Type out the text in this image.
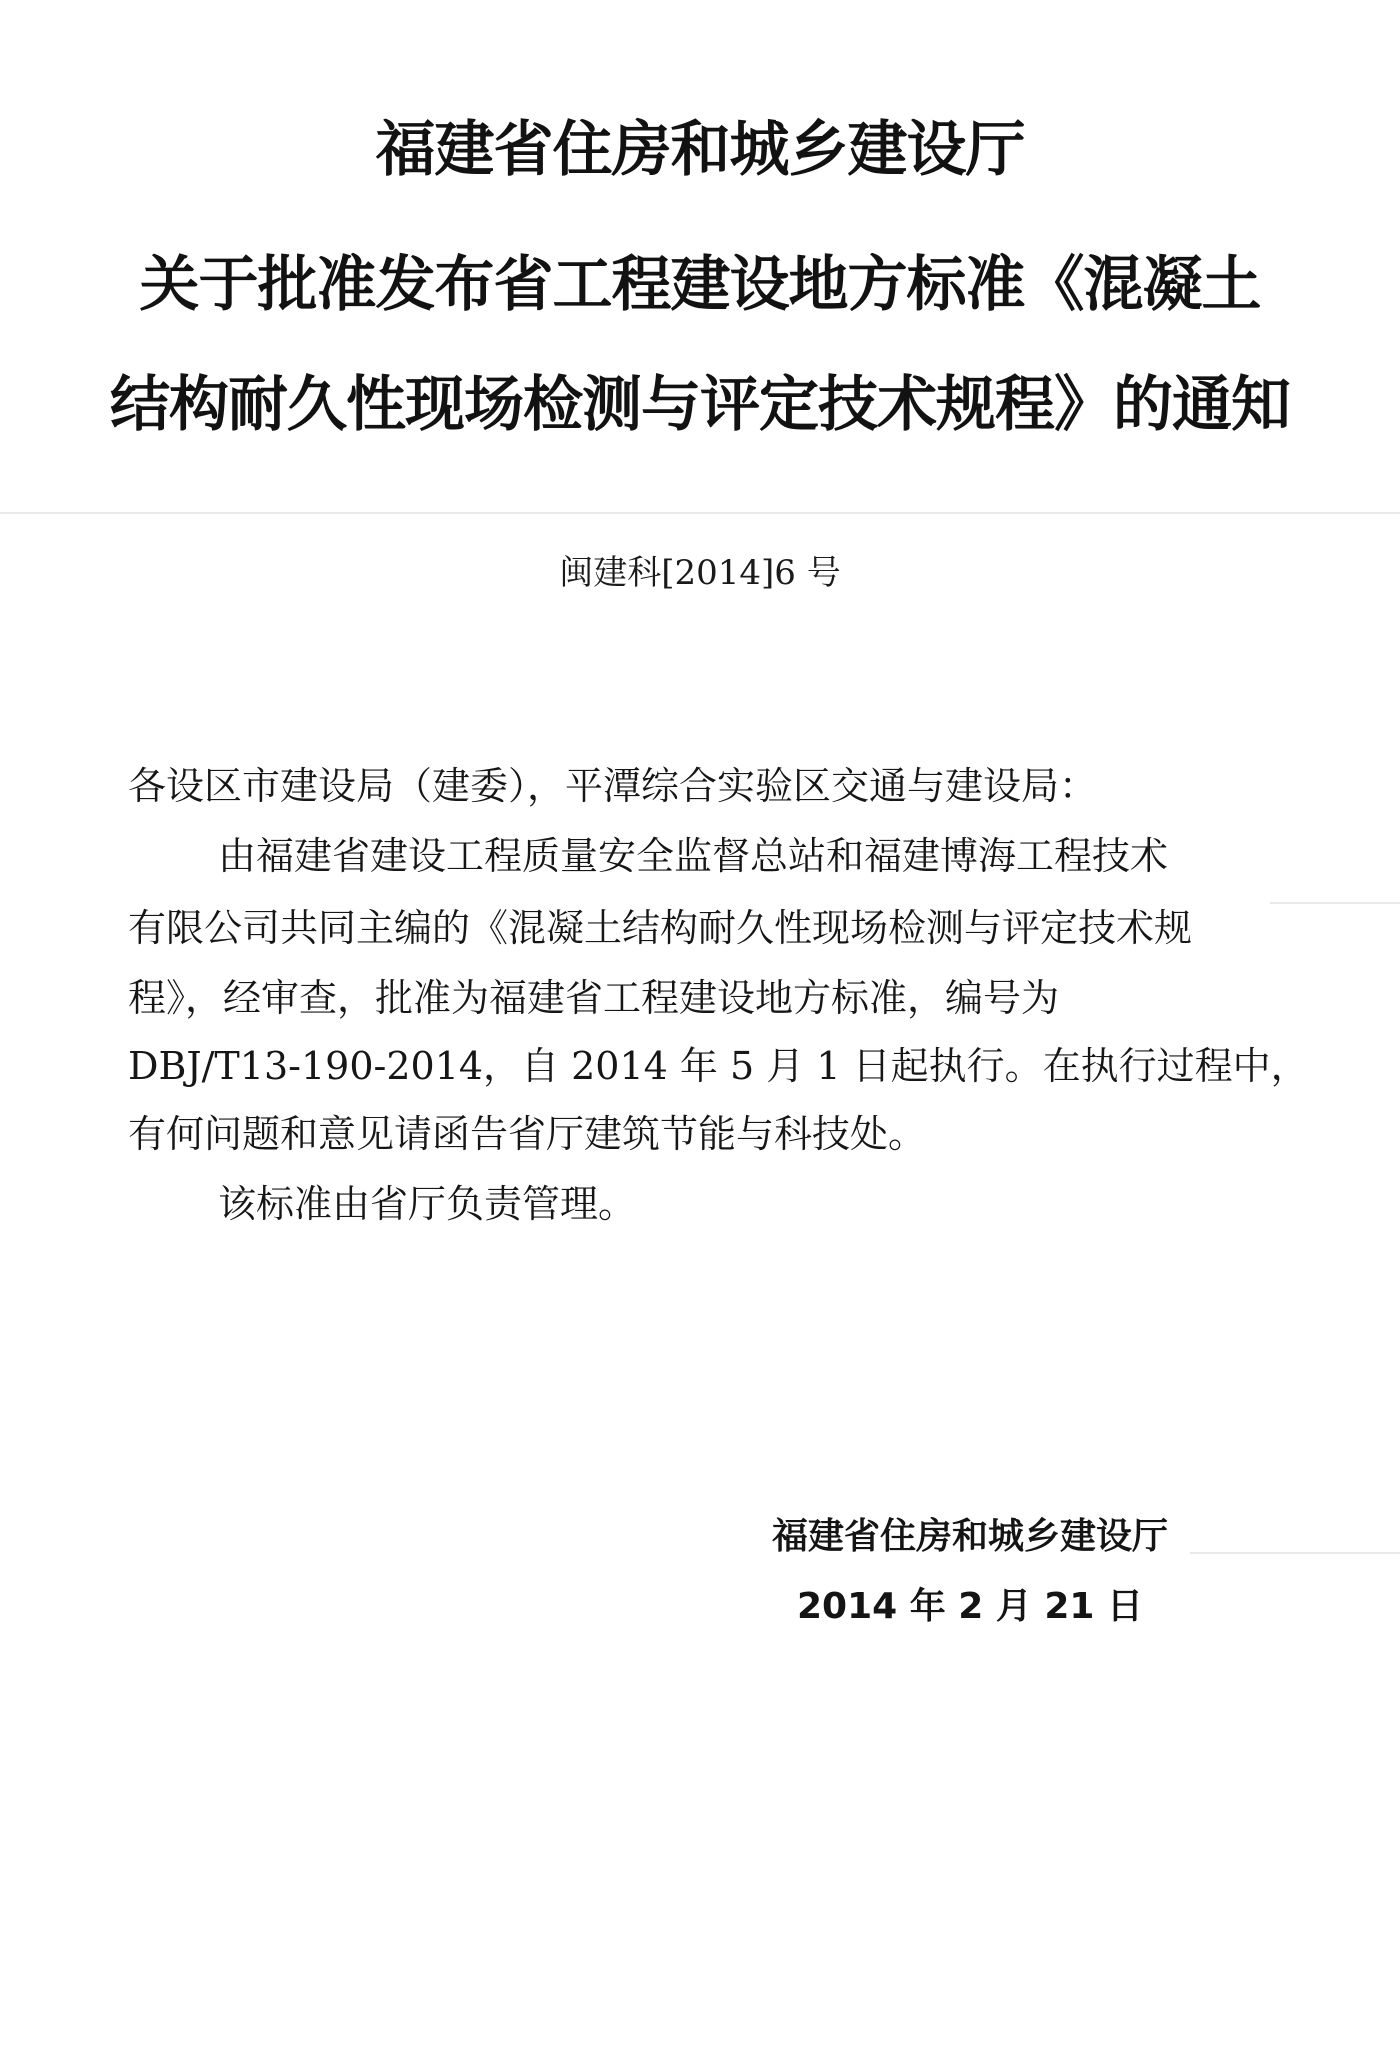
福建省住房和城乡建设厅
关于批准发布省工程建设地方标准《混凝土
结构耐久性现场检测与评定技术规程》的通知
闽建科[2014]6 号
各设区市建设局（建委），平潭综合实验区交通与建设局：
由福建省建设工程质量安全监督总站和福建博海工程技术
有限公司共同主编的《混凝土结构耐久性现场检测与评定技术规
程》，经审查，批准为福建省工程建设地方标准，编号为
DBJ/T13-190-2014，自 2014 年 5 月 1 日起执行。在执行过程中，
有何问题和意见请函告省厅建筑节能与科技处。
该标准由省厅负责管理。
福建省住房和城乡建设厅
2014 年 2 月 21 日
